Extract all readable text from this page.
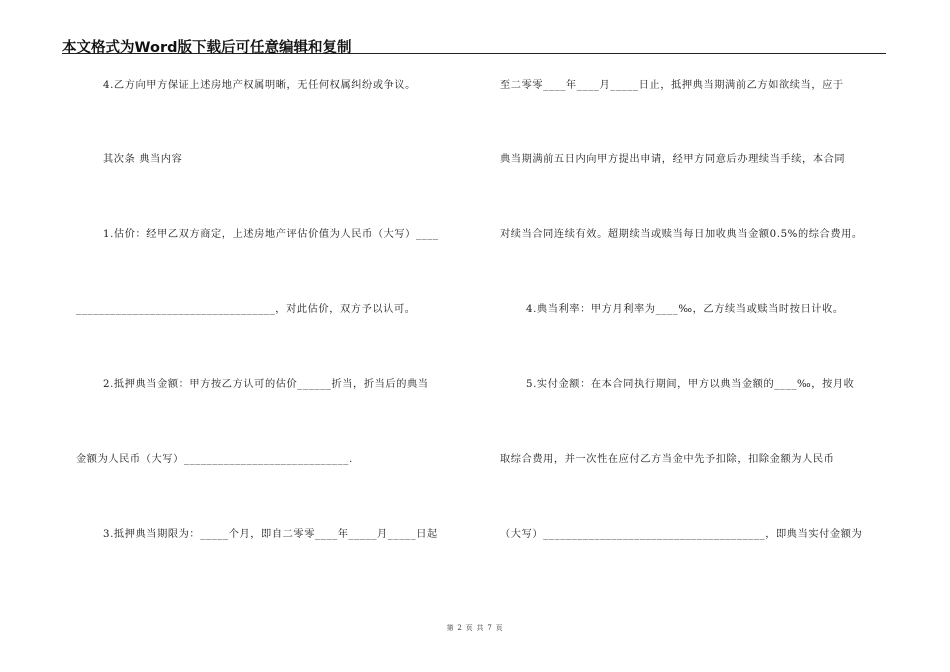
本文格式为Word版下载后可任意编辑和复制
4.乙方向甲方保证上述房地产权属明晰，无任何权属纠纷或争议。
其次条 典当内容
1.估价：经甲乙双方商定，上述房地产评估价值为人民币（大写）____
___________________________________，对此估价，双方予以认可。
2.抵押典当金额：甲方按乙方认可的估价______折当，折当后的典当
金额为人民币（大写）_____________________________.
3.抵押典当期限为：_____个月，即自二零零____年_____月_____日起
至二零零____年____月_____日止，抵押典当期满前乙方如欲续当，应于
典当期满前五日内向甲方提出申请，经甲方同意后办理续当手续，本合同
对续当合同连续有效。超期续当或赎当每日加收典当金额0.5%的综合费用。
4.典当利率：甲方月利率为____‰，乙方续当或赎当时按日计收。
5.实付金额：在本合同执行期间，甲方以典当金额的____‰，按月收
取综合费用，并一次性在应付乙方当金中先予扣除，扣除金额为人民币
（大写）_______________________________________，即典当实付金额为
第 2 页 共 7 页
